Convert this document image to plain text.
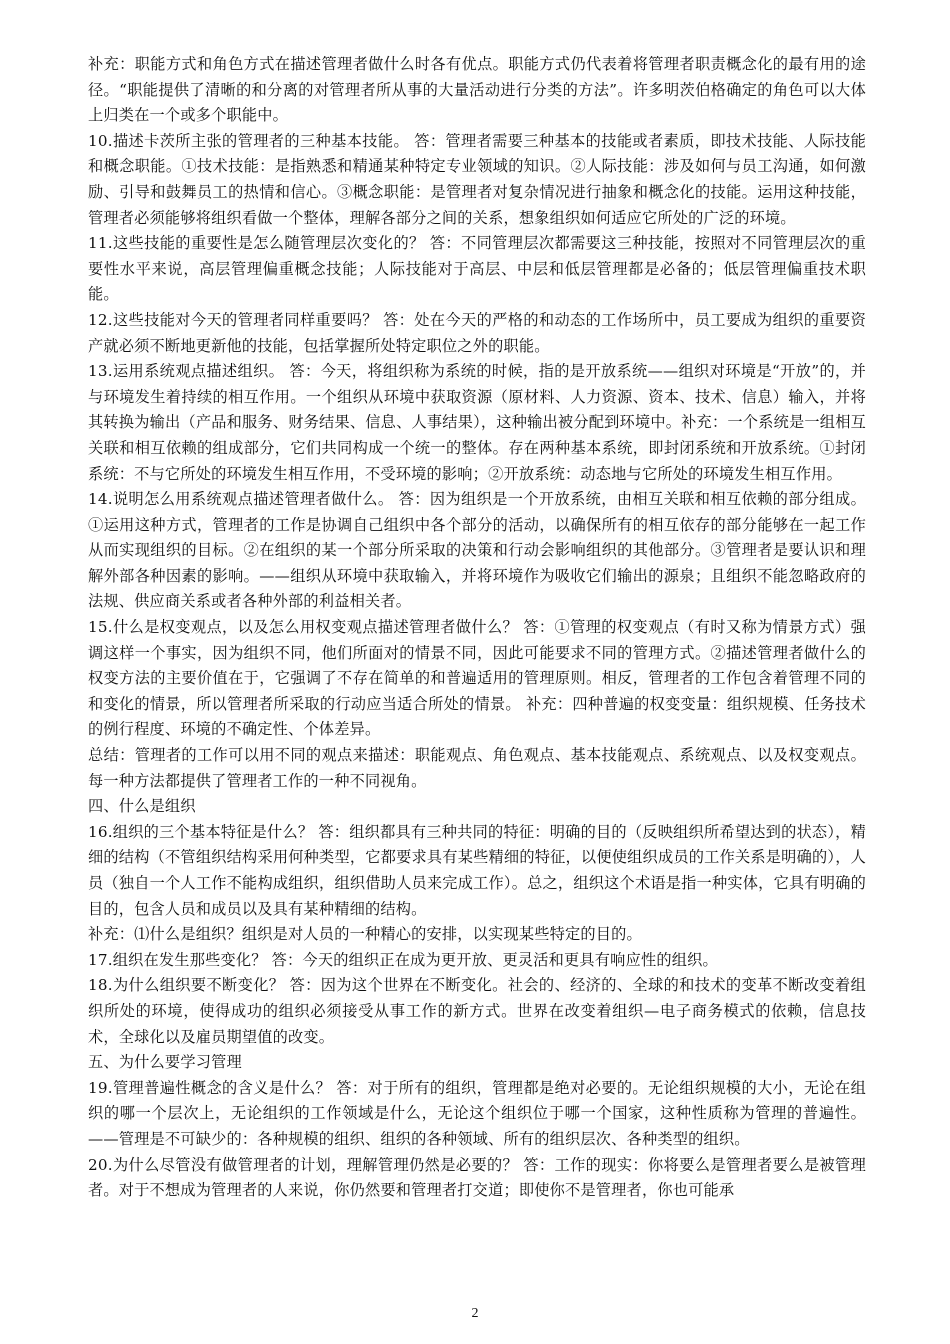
补充：职能方式和角色方式在描述管理者做什么时各有优点。职能方式仍代表着将管理者职责概念化的最有用的途径。“职能提供了清晰的和分离的对管理者所从事的大量活动进行分类的方法”。许多明茨伯格确定的角色可以大体上归类在一个或多个职能中。

10.描述卡茨所主张的管理者的三种基本技能。 答：管理者需要三种基本的技能或者素质，即技术技能、人际技能和概念职能。①技术技能：是指熟悉和精通某种特定专业领域的知识。②人际技能：涉及如何与员工沟通，如何激励、引导和鼓舞员工的热情和信心。③概念职能：是管理者对复杂情况进行抽象和概念化的技能。运用这种技能，管理者必须能够将组织看做一个整体，理解各部分之间的关系，想象组织如何适应它所处的广泛的环境。

11.这些技能的重要性是怎么随管理层次变化的？ 答：不同管理层次都需要这三种技能，按照对不同管理层次的重要性水平来说，高层管理偏重概念技能；人际技能对于高层、中层和低层管理都是必备的；低层管理偏重技术职能。

12.这些技能对今天的管理者同样重要吗？ 答：处在今天的严格的和动态的工作场所中，员工要成为组织的重要资产就必须不断地更新他的技能，包括掌握所处特定职位之外的职能。

13.运用系统观点描述组织。 答：今天，将组织称为系统的时候，指的是开放系统——组织对环境是“开放”的，并与环境发生着持续的相互作用。一个组织从环境中获取资源（原材料、人力资源、资本、技术、信息）输入，并将其转换为输出（产品和服务、财务结果、信息、人事结果），这种输出被分配到环境中。补充：一个系统是一组相互关联和相互依赖的组成部分，它们共同构成一个统一的整体。存在两种基本系统，即封闭系统和开放系统。①封闭系统：不与它所处的环境发生相互作用，不受环境的影响；②开放系统：动态地与它所处的环境发生相互作用。

14.说明怎么用系统观点描述管理者做什么。 答：因为组织是一个开放系统，由相互关联和相互依赖的部分组成。①运用这种方式，管理者的工作是协调自己组织中各个部分的活动，以确保所有的相互依存的部分能够在一起工作从而实现组织的目标。②在组织的某一个部分所采取的决策和行动会影响组织的其他部分。③管理者是要认识和理解外部各种因素的影响。——组织从环境中获取输入，并将环境作为吸收它们输出的源泉；且组织不能忽略政府的法规、供应商关系或者各种外部的利益相关者。

15.什么是权变观点，以及怎么用权变观点描述管理者做什么？ 答：①管理的权变观点（有时又称为情景方式）强调这样一个事实，因为组织不同，他们所面对的情景不同，因此可能要求不同的管理方式。②描述管理者做什么的权变方法的主要价值在于，它强调了不存在简单的和普遍适用的管理原则。相反，管理者的工作包含着管理不同的和变化的情景，所以管理者所采取的行动应当适合所处的情景。 补充：四种普遍的权变变量：组织规模、任务技术的例行程度、环境的不确定性、个体差异。

总结：管理者的工作可以用不同的观点来描述：职能观点、角色观点、基本技能观点、系统观点、以及权变观点。每一种方法都提供了管理者工作的一种不同视角。

四、什么是组织

16.组织的三个基本特征是什么？ 答：组织都具有三种共同的特征：明确的目的（反映组织所希望达到的状态），精细的结构（不管组织结构采用何种类型，它都要求具有某些精细的特征，以便使组织成员的工作关系是明确的），人员（独自一个人工作不能构成组织，组织借助人员来完成工作）。总之，组织这个术语是指一种实体，它具有明确的目的，包含人员和成员以及具有某种精细的结构。

补充：⑴什么是组织？组织是对人员的一种精心的安排，以实现某些特定的目的。

17.组织在发生那些变化？ 答：今天的组织正在成为更开放、更灵活和更具有响应性的组织。

18.为什么组织要不断变化？ 答：因为这个世界在不断变化。社会的、经济的、全球的和技术的变革不断改变着组织所处的环境，使得成功的组织必须接受从事工作的新方式。世界在改变着组织—电子商务模式的依赖，信息技术，全球化以及雇员期望值的改变。

五、为什么要学习管理

19.管理普遍性概念的含义是什么？ 答：对于所有的组织，管理都是绝对必要的。无论组织规模的大小，无论在组织的哪一个层次上，无论组织的工作领域是什么，无论这个组织位于哪一个国家，这种性质称为管理的普遍性。——管理是不可缺少的：各种规模的组织、组织的各种领域、所有的组织层次、各种类型的组织。

20.为什么尽管没有做管理者的计划，理解管理仍然是必要的？ 答：工作的现实：你将要么是管理者要么是被管理者。对于不想成为管理者的人来说，你仍然要和管理者打交道；即使你不是管理者，你也可能承

2
